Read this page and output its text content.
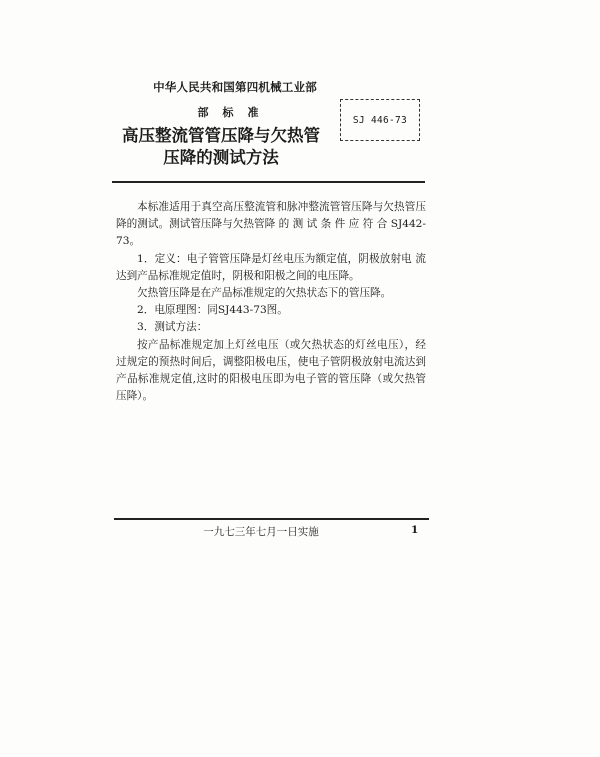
中华人民共和国第四机械工业部
部标准
SJ 446-73
高压整流管管压降与欠热管
压降的测试方法

本标准适用于真空高压整流管和脉冲整流管管压降与欠热管压降的测试。测试管压降与欠热管降 的 测 试 条 件 应 符 合 SJ442-73。

1．定义：电子管管压降是灯丝电压为额定值，阴极放射电 流 达到产品标准规定值时，阴极和阳极之间的电压降。

欠热管压降是在产品标准规定的欠热状态下的管压降。

2．电原理图：同SJ443-73图。

3．测试方法：

按产品标准规定加上灯丝电压（或欠热状态的灯丝电压），经过规定的预热时间后，调整阳极电压，使电子管阴极放射电流达到产品标准规定值,这时的阳极电压即为电子管的管压降（或欠热管压降）。

一九七三年七月一日实施	1
